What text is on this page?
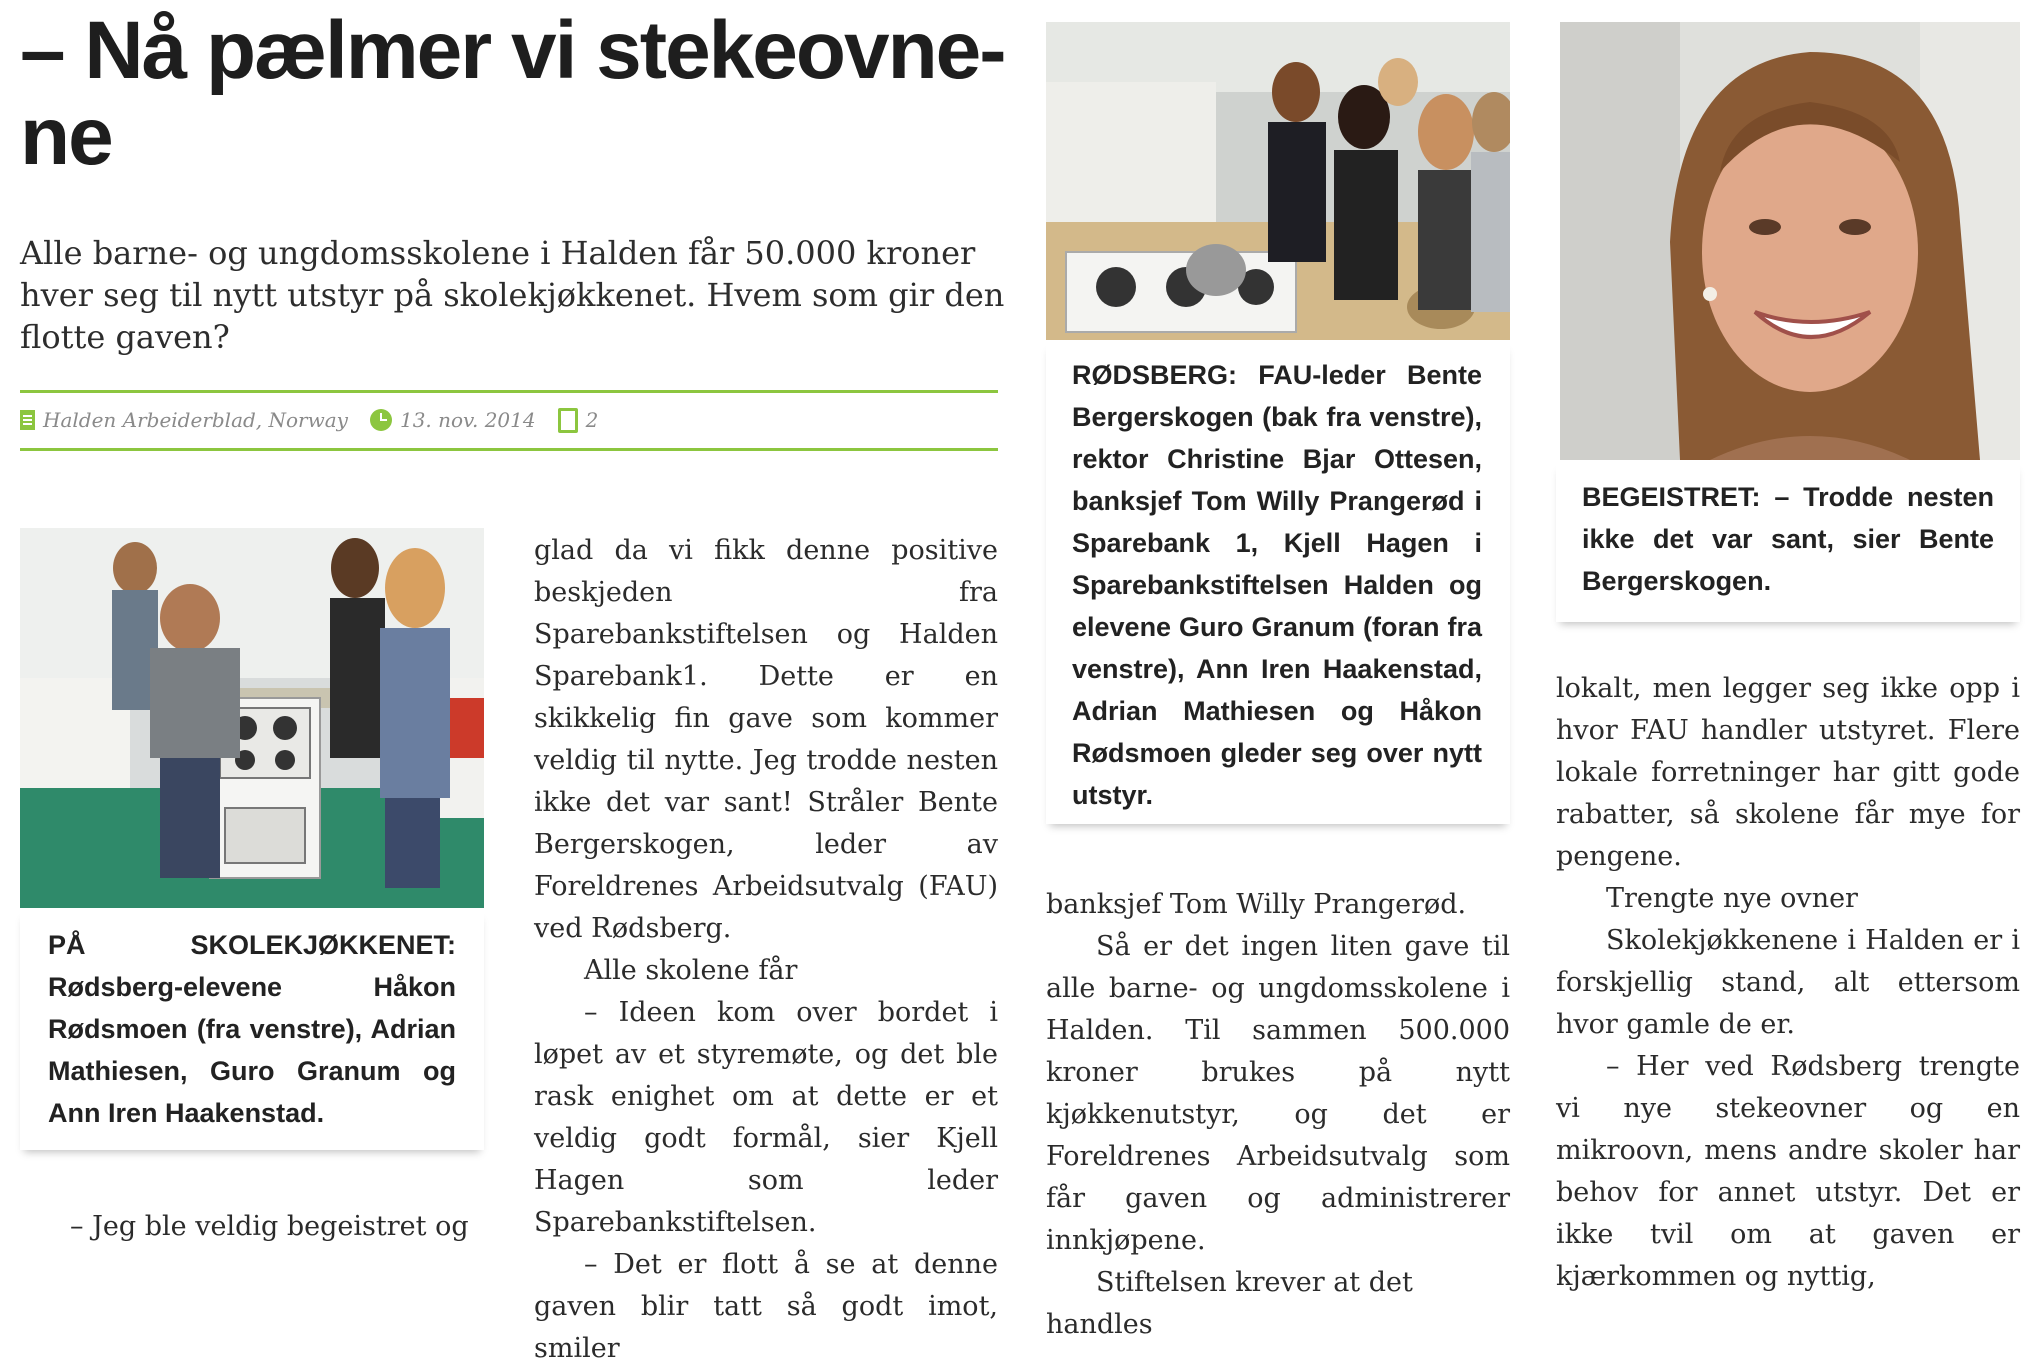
– Nå pælmer vi stekeovne-
ne

Alle barne- og ungdomsskolene i Halden får 50.000 kroner hver seg til nytt utstyr på skolekjøkkenet. Hvem som gir den flotte gaven?

Halden Arbeiderblad, Norway	13. nov. 2014	2

PÅ SKOLEKJØKKENET: Rødsberg-elevene Håkon Rødsmoen (fra venstre), Adrian Mathiesen, Guro Granum og Ann Iren Haakenstad.

– Jeg ble veldig begeistret og

glad da vi fikk denne positive beskjeden fra Sparebankstiftelsen og Halden Sparebank1. Dette er en skikkelig fin gave som kommer veldig til nytte. Jeg trodde nesten ikke det var sant! Stråler Bente Bergerskogen, leder av Foreldrenes Arbeidsutvalg (FAU) ved Rødsberg.

Alle skolene får

– Ideen kom over bordet i løpet av et styremøte, og det ble rask enighet om at dette er et veldig godt formål, sier Kjell Hagen som leder Sparebankstiftelsen.

– Det er flott å se at denne gaven blir tatt så godt imot, smiler

RØDSBERG: FAU-leder Bente Bergerskogen (bak fra venstre), rektor Christine Bjar Ottesen, banksjef Tom Willy Prangerød i Sparebank 1, Kjell Hagen i Sparebankstiftelsen Halden og elevene Guro Granum (foran fra venstre), Ann Iren Haakenstad, Adrian Mathiesen og Håkon Rødsmoen gleder seg over nytt utstyr.

banksjef Tom Willy Prangerød.

Så er det ingen liten gave til alle barne- og ungdomsskolene i Halden. Til sammen 500.000 kroner brukes på nytt kjøkkenutstyr, og det er Foreldrenes Arbeidsutvalg som får gaven og administrerer innkjøpene.

Stiftelsen krever at det handles

BEGEISTRET: – Trodde nesten ikke det var sant, sier Bente Bergerskogen.

lokalt, men legger seg ikke opp i hvor FAU handler utstyret. Flere lokale forretninger har gitt gode rabatter, så skolene får mye for pengene.

Trengte nye ovner

Skolekjøkkenene i Halden er i forskjellig stand, alt ettersom hvor gamle de er.

– Her ved Rødsberg trengte vi nye stekeovner og en mikroovn, mens andre skoler har behov for annet utstyr. Det er ikke tvil om at gaven er kjærkommen og nyttig,
